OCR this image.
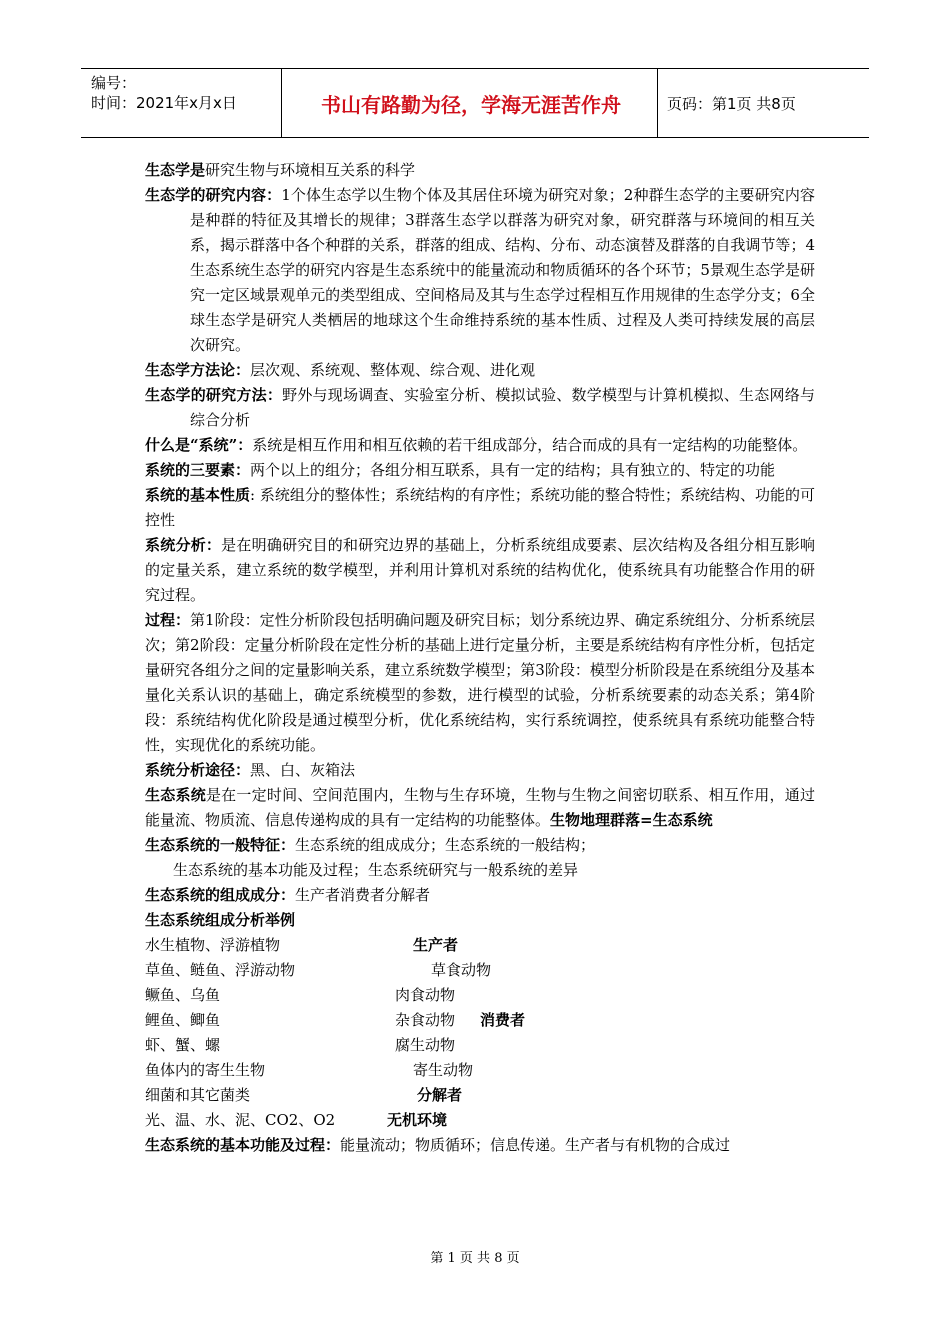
编号：
时间：2021年x月x日	书山有路勤为径，学海无涯苦作舟	页码：第1页 共8页

生态学是研究生物与环境相互关系的科学

生态学的研究内容：1个体生态学以生物个体及其居住环境为研究对象；2种群生态学的主要研究内容是种群的特征及其增长的规律；3群落生态学以群落为研究对象，研究群落与环境间的相互关系，揭示群落中各个种群的关系，群落的组成、结构、分布、动态演替及群落的自我调节等；4生态系统生态学的研究内容是生态系统中的能量流动和物质循环的各个环节；5景观生态学是研究一定区域景观单元的类型组成、空间格局及其与生态学过程相互作用规律的生态学分支；6全球生态学是研究人类栖居的地球这个生命维持系统的基本性质、过程及人类可持续发展的高层次研究。

生态学方法论：层次观、系统观、整体观、综合观、进化观

生态学的研究方法：野外与现场调查、实验室分析、模拟试验、数学模型与计算机模拟、生态网络与综合分析

什么是“系统”：系统是相互作用和相互依赖的若干组成部分，结合而成的具有一定结构的功能整体。

系统的三要素：两个以上的组分；各组分相互联系，具有一定的结构；具有独立的、特定的功能

系统的基本性质: 系统组分的整体性；系统结构的有序性；系统功能的整合特性；系统结构、功能的可控性

系统分析：是在明确研究目的和研究边界的基础上，分析系统组成要素、层次结构及各组分相互影响的定量关系，建立系统的数学模型，并利用计算机对系统的结构优化，使系统具有功能整合作用的研究过程。

过程：第1阶段：定性分析阶段包括明确问题及研究目标；划分系统边界、确定系统组分、分析系统层次；第2阶段：定量分析阶段在定性分析的基础上进行定量分析，主要是系统结构有序性分析，包括定量研究各组分之间的定量影响关系，建立系统数学模型；第3阶段：模型分析阶段是在系统组分及基本量化关系认识的基础上，确定系统模型的参数，进行模型的试验，分析系统要素的动态关系；第4阶段：系统结构优化阶段是通过模型分析，优化系统结构，实行系统调控，使系统具有系统功能整合特性，实现优化的系统功能。

系统分析途径：黑、白、灰箱法

生态系统是在一定时间、空间范围内，生物与生存环境，生物与生物之间密切联系、相互作用，通过能量流、物质流、信息传递构成的具有一定结构的功能整体。生物地理群落=生态系统

生态系统的一般特征：生态系统的组成成分；生态系统的一般结构；

生态系统的基本功能及过程；生态系统研究与一般系统的差异

生态系统的组成成分：生产者消费者分解者

生态系统组成分析举例

水生植物、浮游植物	生产者
草鱼、鲢鱼、浮游动物	草食动物
鳜鱼、乌鱼	肉食动物
鲤鱼、鲫鱼	杂食动物 消费者
虾、蟹、螺	腐生动物
鱼体内的寄生生物	寄生动物
细菌和其它菌类	分解者
光、温、水、泥、CO2、O2	无机环境

生态系统的基本功能及过程：能量流动；物质循环；信息传递。生产者与有机物的合成过

第 1 页 共 8 页
